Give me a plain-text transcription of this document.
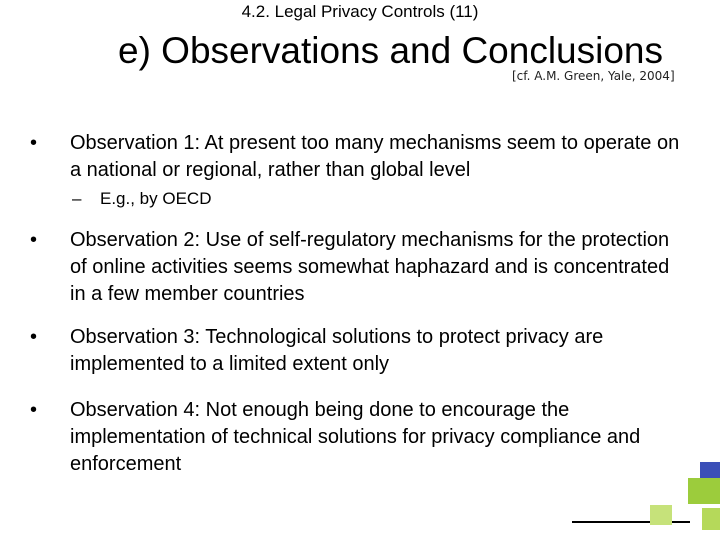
4.2. Legal Privacy Controls (11)
e) Observations and Conclusions
[cf. A.M. Green, Yale, 2004]
• Observation 1: At present too many mechanisms seem to operate on a national or regional, rather than global level
– E.g., by OECD
• Observation 2: Use of self-regulatory mechanisms for the protection of online activities seems somewhat haphazard and is concentrated in a few member countries
• Observation 3: Technological solutions to protect privacy are implemented to a limited extent only
• Observation 4: Not enough being done to encourage the implementation of technical solutions for privacy compliance and enforcement
